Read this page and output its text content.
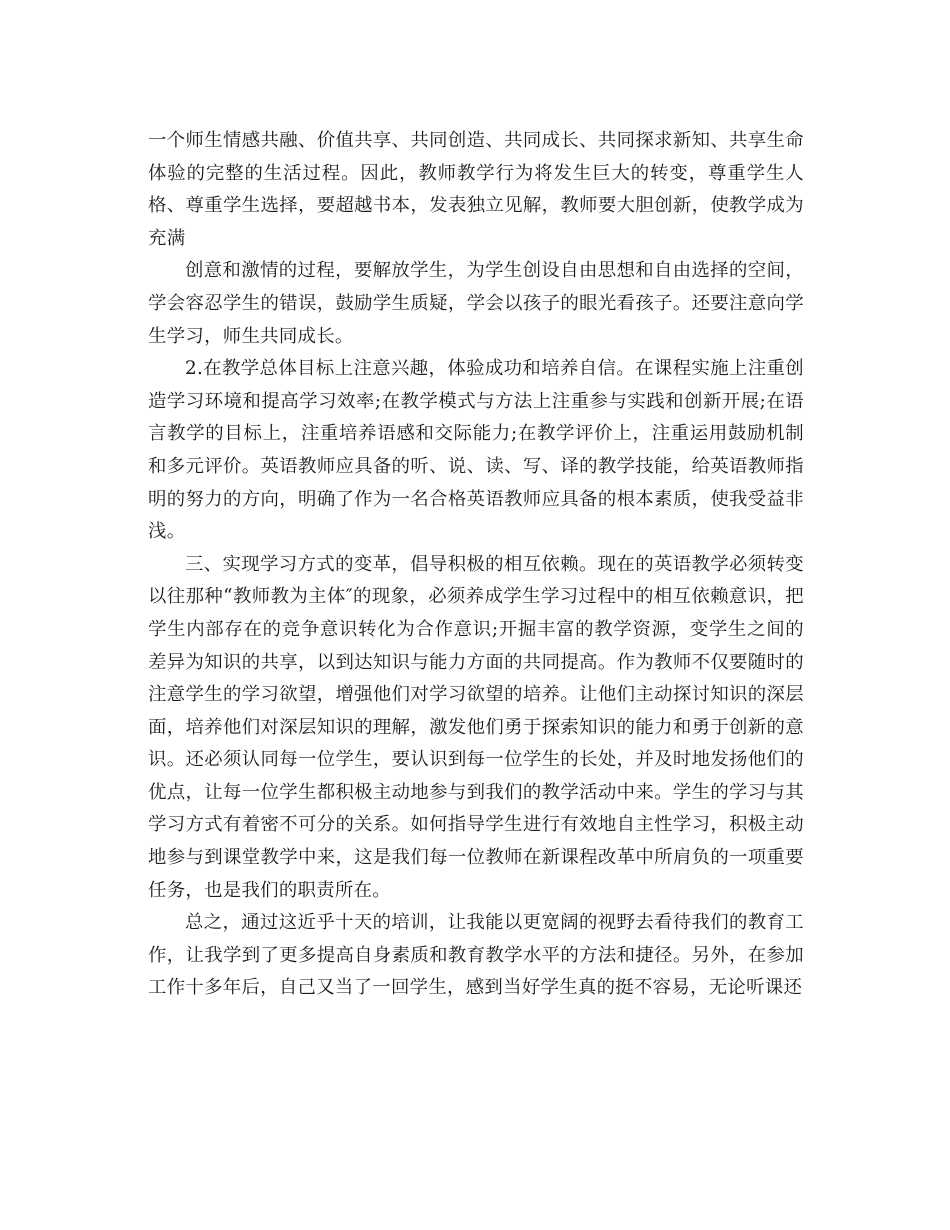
一个师生情感共融、价值共享、共同创造、共同成长、共同探求新知、共享生命体验的完整的生活过程。因此，教师教学行为将发生巨大的转变，尊重学生人格、尊重学生选择，要超越书本，发表独立见解，教师要大胆创新，使教学成为充满

创意和激情的过程，要解放学生，为学生创设自由思想和自由选择的空间，学会容忍学生的错误，鼓励学生质疑，学会以孩子的眼光看孩子。还要注意向学生学习，师生共同成长。

2.在教学总体目标上注意兴趣，体验成功和培养自信。在课程实施上注重创造学习环境和提高学习效率;在教学模式与方法上注重参与实践和创新开展;在语言教学的目标上，注重培养语感和交际能力;在教学评价上，注重运用鼓励机制和多元评价。英语教师应具备的听、说、读、写、译的教学技能，给英语教师指明的努力的方向，明确了作为一名合格英语教师应具备的根本素质，使我受益非浅。

三、实现学习方式的变革，倡导积极的相互依赖。现在的英语教学必须转变以往那种“教师教为主体″的现象，必须养成学生学习过程中的相互依赖意识，把学生内部存在的竞争意识转化为合作意识;开掘丰富的教学资源，变学生之间的差异为知识的共享，以到达知识与能力方面的共同提高。作为教师不仅要随时的注意学生的学习欲望，增强他们对学习欲望的培养。让他们主动探讨知识的深层面，培养他们对深层知识的理解，激发他们勇于探索知识的能力和勇于创新的意识。还必须认同每一位学生，要认识到每一位学生的长处，并及时地发扬他们的优点，让每一位学生都积极主动地参与到我们的教学活动中来。学生的学习与其学习方式有着密不可分的关系。如何指导学生进行有效地自主性学习，积极主动地参与到课堂教学中来，这是我们每一位教师在新课程改革中所肩负的一项重要任务，也是我们的职责所在。

总之，通过这近乎十天的培训，让我能以更宽阔的视野去看待我们的教育工作，让我学到了更多提高自身素质和教育教学水平的方法和捷径。另外，在参加工作十多年后，自己又当了一回学生，感到当好学生真的挺不容易，无论听课还
